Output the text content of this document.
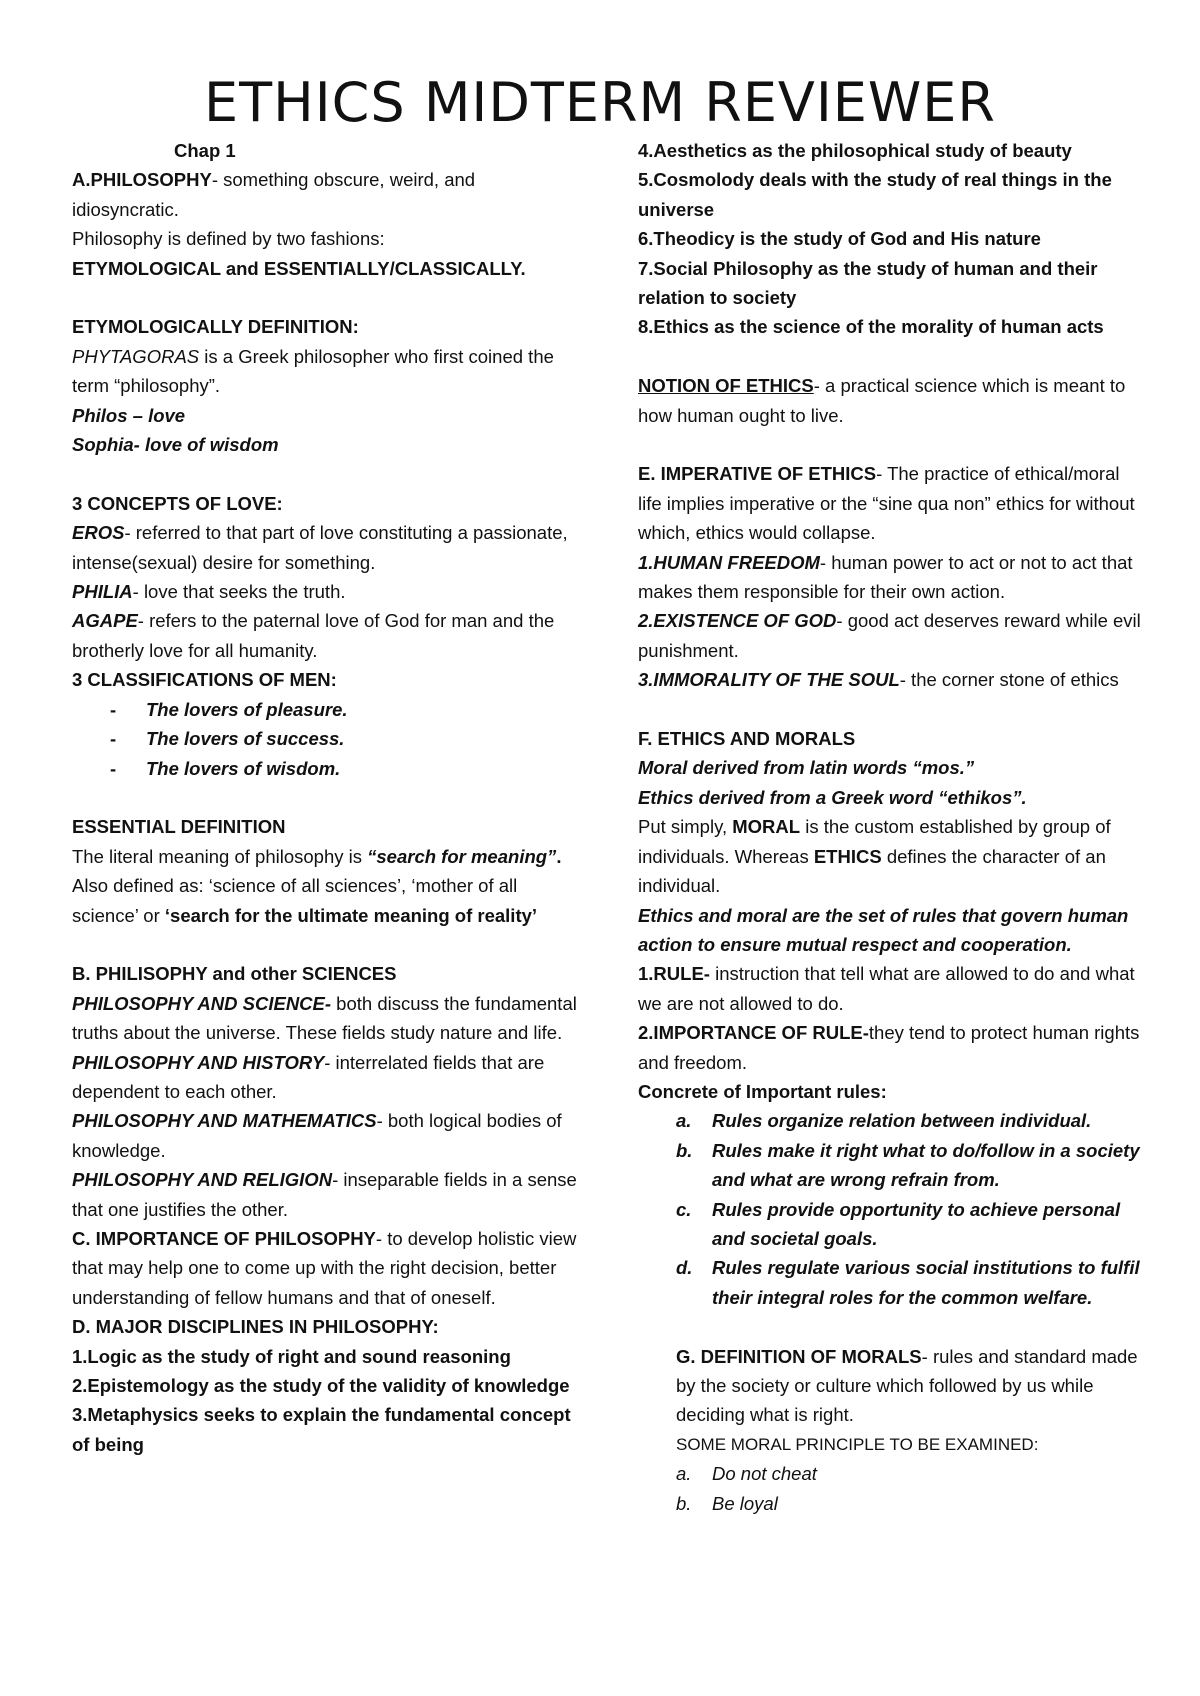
ETHICS MIDTERM REVIEWER

Chap 1

A.PHILOSOPHY- something obscure, weird, and idiosyncratic.

Philosophy is defined by two fashions:

ETYMOLOGICAL and ESSENTIALLY/CLASSICALLY.

ETYMOLOGICALLY DEFINITION:

PHYTAGORAS is a Greek philosopher who first coined the term “philosophy”.

Philos – love

Sophia- love of wisdom

3 CONCEPTS OF LOVE:

EROS- referred to that part of love constituting a passionate, intense(sexual) desire for something.

PHILIA- love that seeks the truth.

AGAPE- refers to the paternal love of God for man and the brotherly love for all humanity.

3 CLASSIFICATIONS OF MEN:

- The lovers of pleasure.
- The lovers of success.
- The lovers of wisdom.

ESSENTIAL DEFINITION

The literal meaning of philosophy is “search for meaning”.

Also defined as: ‘science of all sciences’, ‘mother of all science’ or ‘search for the ultimate meaning of reality’

B. PHILISOPHY and other SCIENCES

PHILOSOPHY AND SCIENCE- both discuss the fundamental truths about the universe. These fields study nature and life.

PHILOSOPHY AND HISTORY- interrelated fields that are dependent to each other.

PHILOSOPHY AND MATHEMATICS- both logical bodies of knowledge.

PHILOSOPHY AND RELIGION- inseparable fields in a sense that one justifies the other.

C. IMPORTANCE OF PHILOSOPHY- to develop holistic view that may help one to come up with the right decision, better understanding of fellow humans and that of oneself.

D. MAJOR DISCIPLINES IN PHILOSOPHY:

1.Logic as the study of right and sound reasoning

2.Epistemology as the study of the validity of knowledge

3.Metaphysics seeks to explain the fundamental concept of being

4.Aesthetics as the philosophical study of beauty

5.Cosmolody deals with the study of real things in the universe

6.Theodicy is the study of God and His nature

7.Social Philosophy as the study of human and their relation to society

8.Ethics as the science of the morality of human acts

NOTION OF ETHICS- a practical science which is meant to how human ought to live.

E. IMPERATIVE OF ETHICS- The practice of ethical/moral life implies imperative or the “sine qua non” ethics for without which, ethics would collapse.

1.HUMAN FREEDOM- human power to act or not to act that makes them responsible for their own action.

2.EXISTENCE OF GOD- good act deserves reward while evil punishment.

3.IMMORALITY OF THE SOUL- the corner stone of ethics

F. ETHICS AND MORALS

Moral derived from latin words “mos.”

Ethics derived from a Greek word “ethikos”.

Put simply, MORAL is the custom established by group of individuals. Whereas ETHICS defines the character of an individual.

Ethics and moral are the set of rules that govern human action to ensure mutual respect and cooperation.

1.RULE- instruction that tell what are allowed to do and what we are not allowed to do.

2.IMPORTANCE OF RULE-they tend to protect human rights and freedom.

Concrete of Important rules:

a. Rules organize relation between individual.
b. Rules make it right what to do/follow in a society and what are wrong refrain from.
c. Rules provide opportunity to achieve personal and societal goals.
d. Rules regulate various social institutions to fulfil their integral roles for the common welfare.

G. DEFINITION OF MORALS- rules and standard made by the society or culture which followed by us while deciding what is right.

SOME MORAL PRINCIPLE TO BE EXAMINED:

a. Do not cheat
b. Be loyal
